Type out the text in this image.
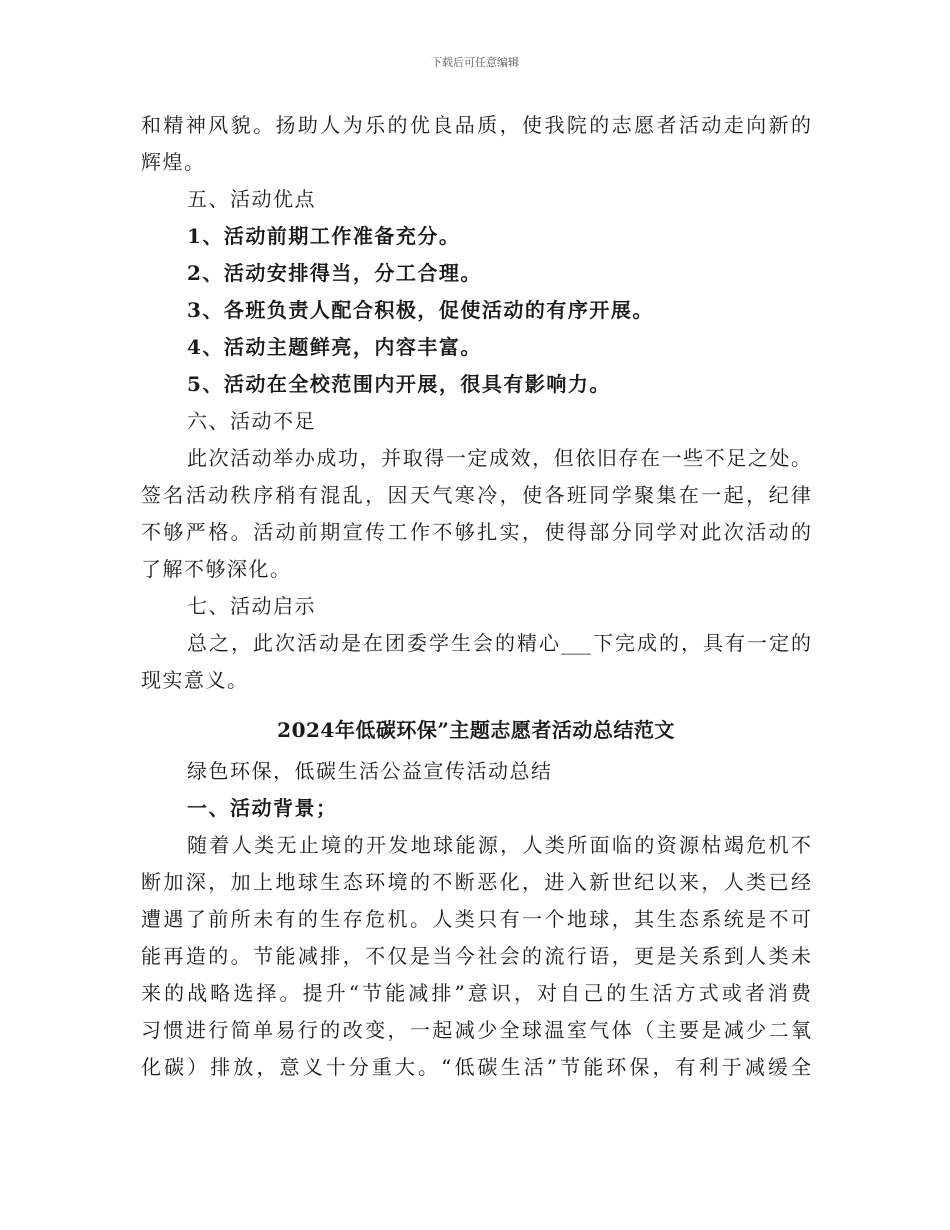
下载后可任意编辑
和精神风貌。扬助人为乐的优良品质，使我院的志愿者活动走向新的
辉煌。
五、活动优点
1、活动前期工作准备充分。
2、活动安排得当，分工合理。
3、各班负责人配合积极，促使活动的有序开展。
4、活动主题鲜亮，内容丰富。
5、活动在全校范围内开展，很具有影响力。
六、活动不足
此次活动举办成功，并取得一定成效，但依旧存在一些不足之处。
签名活动秩序稍有混乱，因天气寒冷，使各班同学聚集在一起，纪律
不够严格。活动前期宣传工作不够扎实，使得部分同学对此次活动的
了解不够深化。
七、活动启示
总之，此次活动是在团委学生会的精心___下完成的，具有一定的
现实意义。
2024年低碳环保”主题志愿者活动总结范文
绿色环保，低碳生活公益宣传活动总结
一、活动背景；
随着人类无止境的开发地球能源，人类所面临的资源枯竭危机不
断加深，加上地球生态环境的不断恶化，进入新世纪以来，人类已经
遭遇了前所未有的生存危机。人类只有一个地球，其生态系统是不可
能再造的。节能减排，不仅是当今社会的流行语，更是关系到人类未
来的战略选择。提升“节能减排”意识，对自己的生活方式或者消费
习惯进行简单易行的改变，一起减少全球温室气体（主要是减少二氧
化碳）排放，意义十分重大。“低碳生活”节能环保，有利于减缓全
